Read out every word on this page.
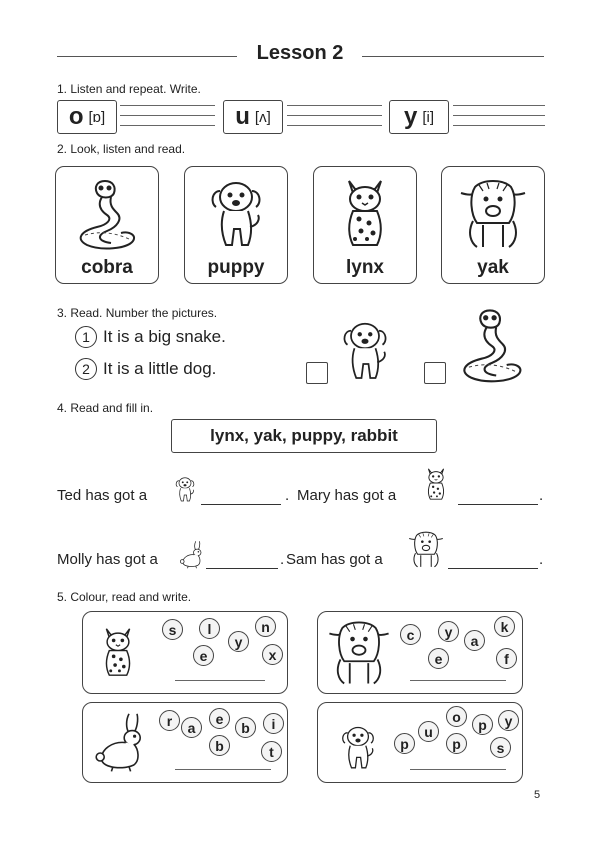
Lesson 2
1. Listen and repeat. Write.
o [ɒ]	u [ʌ]	y [i]
2. Look, listen and read.
cobra	puppy	lynx	yak
3. Read. Number the pictures.
1 It is a big snake.
2 It is a little dog.
4. Read and fill in.
lynx, yak, puppy, rabbit
Ted has got a	. Mary has got a	.
Molly has got a	. Sam has got a	.
5. Colour, read and write.
s	l	n
e
y
x
c	y	k
a
e	f
r	a
e
b	i
b	t
o	y
p
u
p	p	s
5
